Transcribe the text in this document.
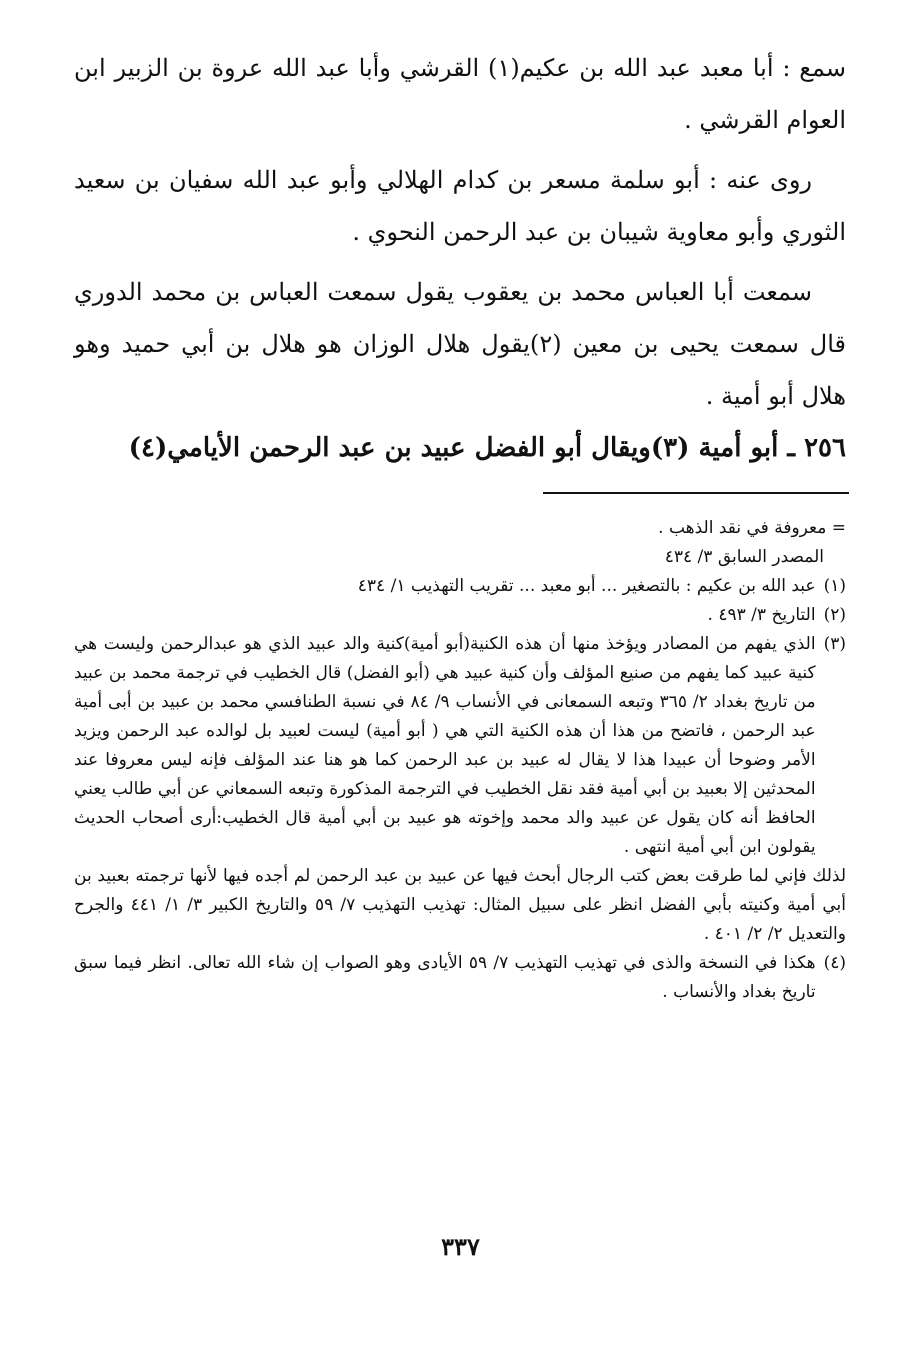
سمع : أبا معبد عبد الله بن عكيم(١) القرشي وأبا عبد الله عروة بن الزبير ابن العوام القرشي .

روى عنه : أبو سلمة مسعر بن كدام الهلالي وأبو عبد الله سفيان بن سعيد الثوري وأبو معاوية شيبان بن عبد الرحمن النحوي .

سمعت أبا العباس محمد بن يعقوب يقول سمعت العباس بن محمد الدوري قال سمعت يحيى بن معين (٢)يقول هلال الوزان هو هلال بن أبي حميد وهو هلال أبو أمية .

٢٥٦ ـ أبو أمية (٣)ويقال أبو الفضل عبيد بن عبد الرحمن الأيامي(٤)
= معروفة في نقد الذهب .
المصدر السابق ٣/ ٤٣٤
(١)
عبد الله بن عكيم : بالتصغير ... أبو معبد ... تقريب التهذيب ١/ ٤٣٤
(٢)
التاريخ ٣/ ٤٩٣ .
(٣)
الذي يفهم من المصادر ويؤخذ منها أن هذه الكنية(أبو أمية)كنية والد عبيد الذي هو عبدالرحمن وليست هي كنية عبيد كما يفهم من صنيع المؤلف وأن كنية عبيد هي (أبو الفضل) قال الخطيب في ترجمة محمد بن عبيد من تاريخ بغداد ٢/ ٣٦٥ وتبعه السمعانى في الأنساب ٩/ ٨٤ في نسبة الطنافسي محمد بن عبيد بن أبى أمية عبد الرحمن ، فاتضح من هذا أن هذه الكنية التي هي ( أبو أمية) ليست لعبيد بل لوالده عبد الرحمن ويزيد الأمر وضوحا أن عبيدا هذا لا يقال له عبيد بن عبد الرحمن كما هو هنا عند المؤلف فإنه ليس معروفا عند المحدثين إلا بعبيد بن أبي أمية فقد نقل الخطيب في الترجمة المذكورة وتبعه السمعاني عن أبي طالب يعني الحافظ أنه كان يقول عن عبيد والد محمد وإخوته هو عبيد بن أبي أمية قال الخطيب:أرى أصحاب الحديث يقولون ابن أبي أمية انتهى .
لذلك فإني لما طرقت بعض كتب الرجال أبحث فيها عن عبيد بن عبد الرحمن لم أجده فيها لأنها ترجمته بعبيد بن أبي أمية وكنيته بأبي الفضل انظر على سبيل المثال: تهذيب التهذيب ٧/ ٥٩ والتاريخ الكبير ٣/ ١/ ٤٤١ والجرح والتعديل ٢/ ٢/ ٤٠١ .
(٤)
هكذا في النسخة والذى في تهذيب التهذيب ٧/ ٥٩ الأيادى وهو الصواب إن شاء الله تعالى. انظر فيما سبق تاريخ بغداد والأنساب .
٣٣٧
